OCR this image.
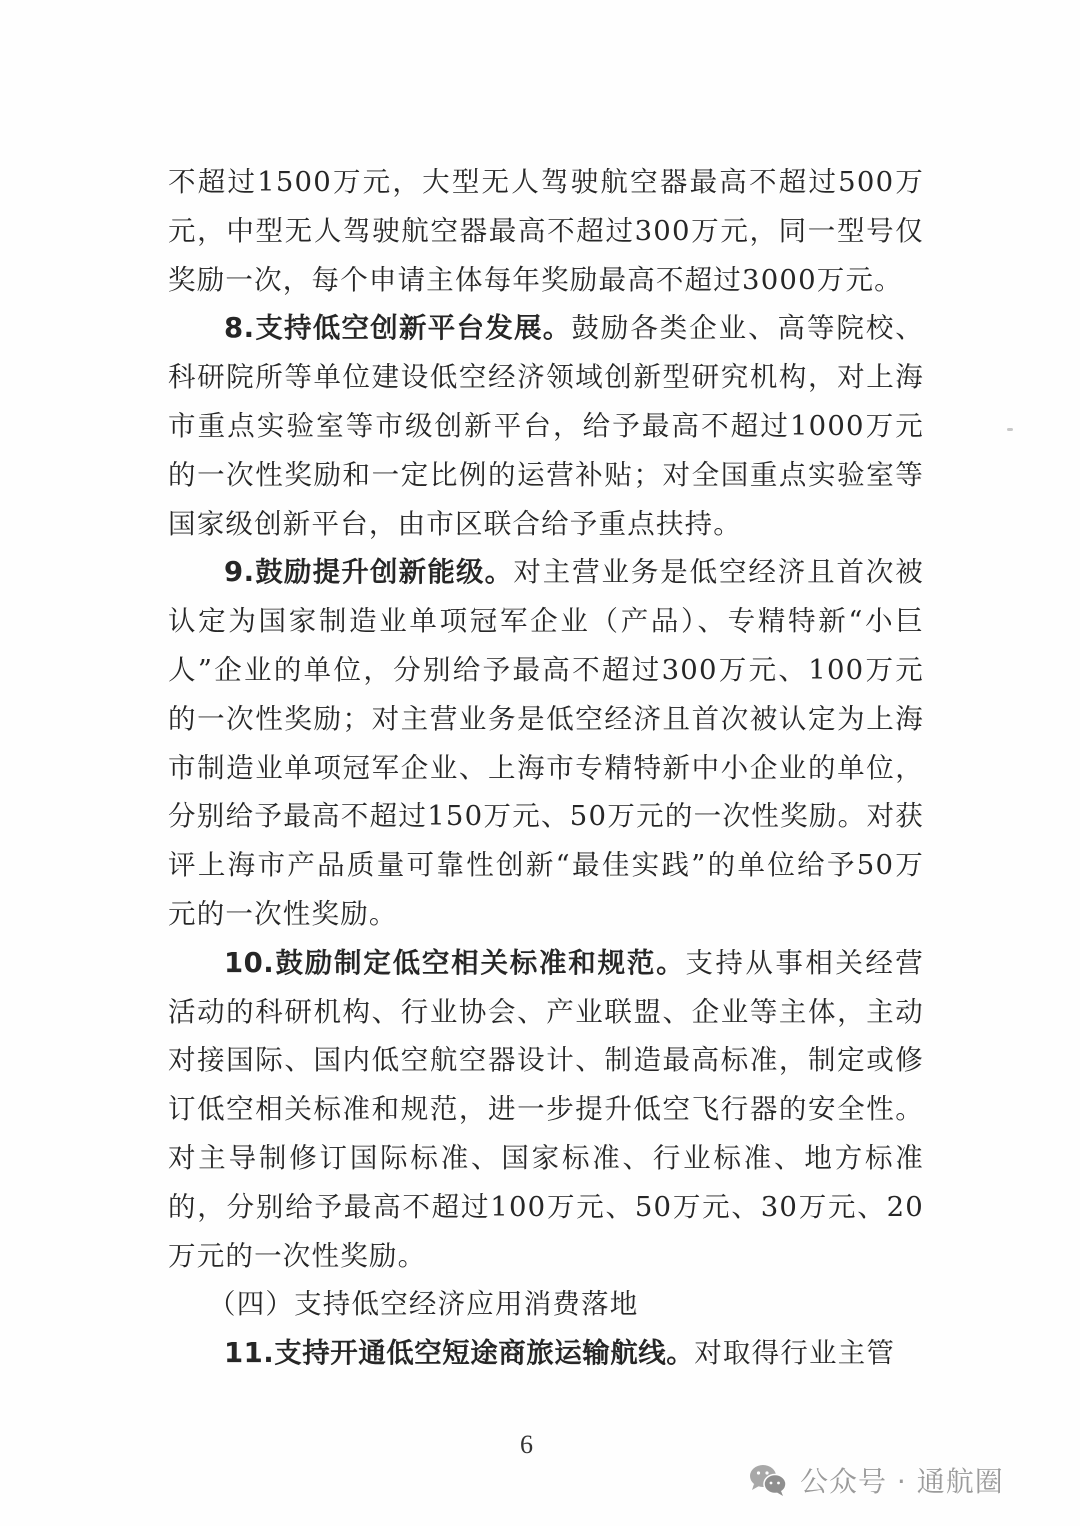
不超过1500万元，大型无人驾驶航空器最高不超过500万元，中型无人驾驶航空器最高不超过300万元，同一型号仅奖励一次，每个申请主体每年奖励最高不超过3000万元。

8.支持低空创新平台发展。鼓励各类企业、高等院校、科研院所等单位建设低空经济领域创新型研究机构，对上海市重点实验室等市级创新平台，给予最高不超过1000万元的一次性奖励和一定比例的运营补贴；对全国重点实验室等国家级创新平台，由市区联合给予重点扶持。

9.鼓励提升创新能级。对主营业务是低空经济且首次被认定为国家制造业单项冠军企业（产品）、专精特新“小巨人”企业的单位，分别给予最高不超过300万元、100万元的一次性奖励；对主营业务是低空经济且首次被认定为上海市制造业单项冠军企业、上海市专精特新中小企业的单位，分别给予最高不超过150万元、50万元的一次性奖励。对获评上海市产品质量可靠性创新“最佳实践”的单位给予50万元的一次性奖励。

10.鼓励制定低空相关标准和规范。支持从事相关经营活动的科研机构、行业协会、产业联盟、企业等主体，主动对接国际、国内低空航空器设计、制造最高标准，制定或修订低空相关标准和规范，进一步提升低空飞行器的安全性。对主导制修订国际标准、国家标准、行业标准、地方标准的，分别给予最高不超过100万元、50万元、30万元、20万元的一次性奖励。

（四）支持低空经济应用消费落地

11.支持开通低空短途商旅运输航线。对取得行业主管

6
公众号 · 通航圈
